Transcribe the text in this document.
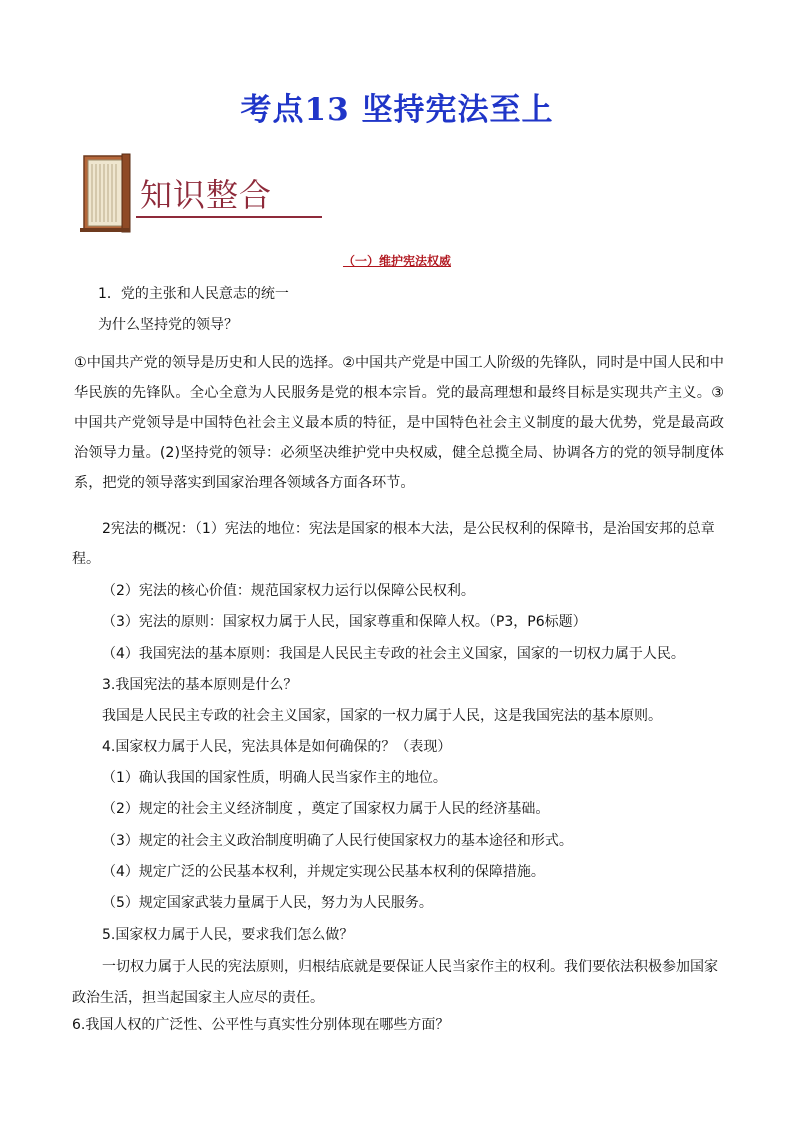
考点13 坚持宪法至上
知识整合
（一）维护宪法权威
1．党的主张和人民意志的统一
为什么坚持党的领导？
①中国共产党的领导是历史和人民的选择。②中国共产党是中国工人阶级的先锋队，同时是中国人民和中华民族的先锋队。全心全意为人民服务是党的根本宗旨。党的最高理想和最终目标是实现共产主义。③中国共产党领导是中国特色社会主义最本质的特征，是中国特色社会主义制度的最大优势，党是最高政治领导力量。(2)坚持党的领导：必须坚决维护党中央权威，健全总揽全局、协调各方的党的领导制度体系，把党的领导落实到国家治理各领域各方面各环节。
2宪法的概况：（1）宪法的地位：宪法是国家的根本大法，是公民权利的保障书，是治国安邦的总章
程。
（2）宪法的核心价值：规范国家权力运行以保障公民权利。
（3）宪法的原则：国家权力属于人民，国家尊重和保障人权。（P3，P6标题）
（4）我国宪法的基本原则：我国是人民民主专政的社会主义国家，国家的一切权力属于人民。
3.我国宪法的基本原则是什么？
我国是人民民主专政的社会主义国家，国家的一权力属于人民，这是我国宪法的基本原则。
4.国家权力属于人民，宪法具体是如何确保的？（表现）
（1）确认我国的国家性质，明确人民当家作主的地位。
（2）规定的社会主义经济制度 ，奠定了国家权力属于人民的经济基础。
（3）规定的社会主义政治制度明确了人民行使国家权力的基本途径和形式。
（4）规定广泛的公民基本权利，并规定实现公民基本权利的保障措施。
（5）规定国家武装力量属于人民，努力为人民服务。
5.国家权力属于人民，要求我们怎么做？
一切权力属于人民的宪法原则，归根结底就是要保证人民当家作主的权利。我们要依法积极参加国家
政治生活，担当起国家主人应尽的责任。
6.我国人权的广泛性、公平性与真实性分别体现在哪些方面？
